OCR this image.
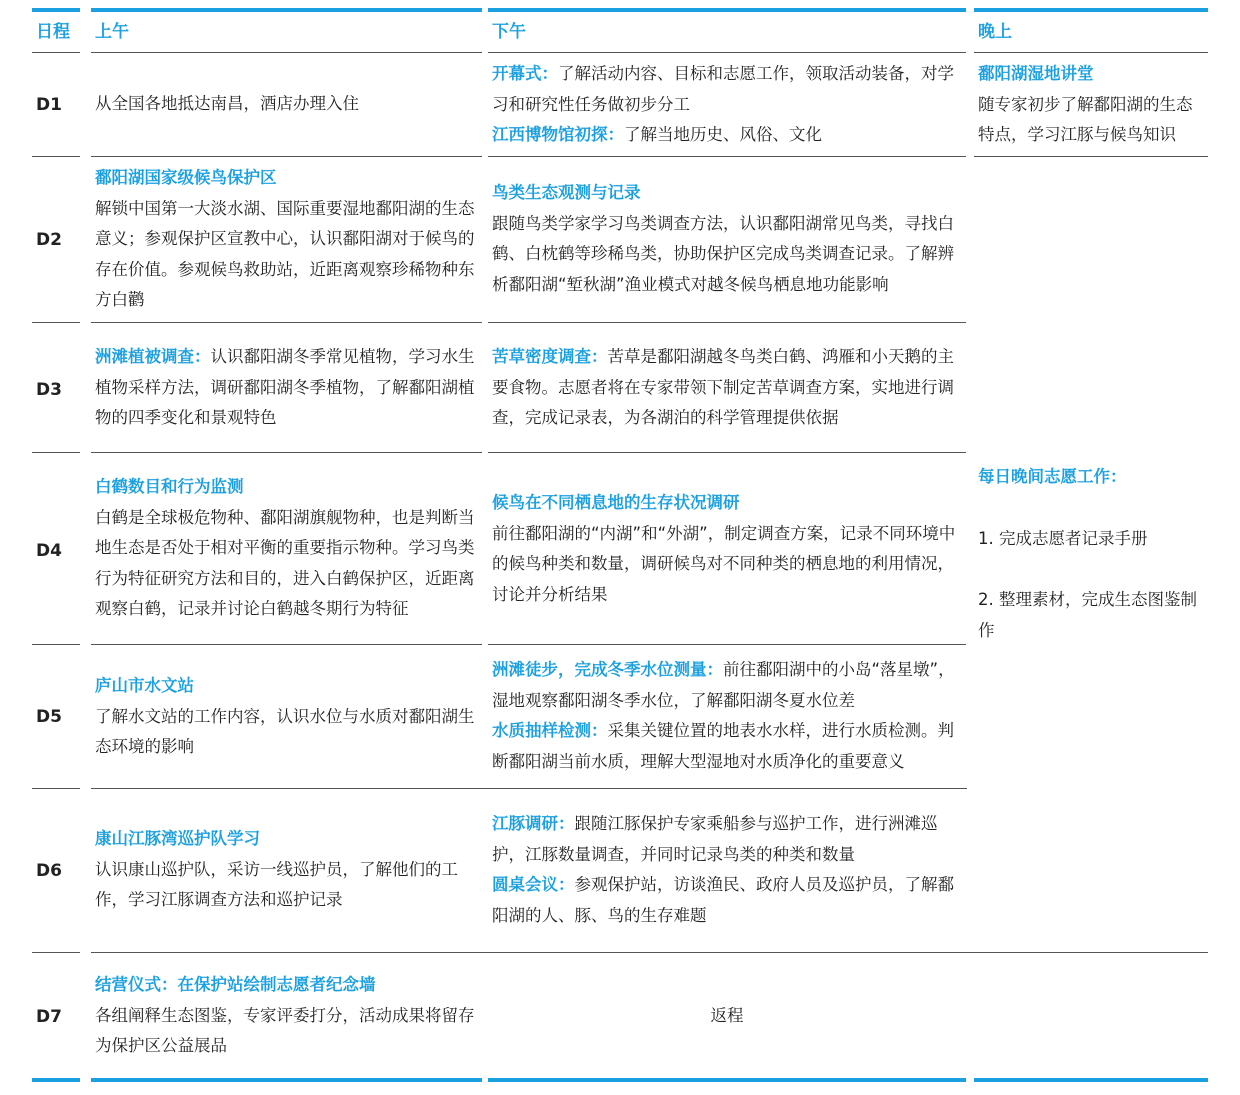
日程 上午	下午	晚上
D1 从全国各地抵达南昌，酒店办理入住
开幕式：了解活动内容、目标和志愿工作，领取活动装备，对学习和研究性任务做初步分工
江西博物馆初探：了解当地历史、风俗、文化
鄱阳湖湿地讲堂
随专家初步了解鄱阳湖的生态特点，学习江豚与候鸟知识
D2
鄱阳湖国家级候鸟保护区
解锁中国第一大淡水湖、国际重要湿地鄱阳湖的生态意义；参观保护区宣教中心，认识鄱阳湖对于候鸟的存在价值。参观候鸟救助站，近距离观察珍稀物种东方白鹳
鸟类生态观测与记录
跟随鸟类学家学习鸟类调查方法，认识鄱阳湖常见鸟类，寻找白鹤、白枕鹤等珍稀鸟类，协助保护区完成鸟类调查记录。了解辨析鄱阳湖“堑秋湖”渔业模式对越冬候鸟栖息地功能影响
D3
洲滩植被调查：认识鄱阳湖冬季常见植物，学习水生植物采样方法，调研鄱阳湖冬季植物，了解鄱阳湖植物的四季变化和景观特色
苦草密度调查：苦草是鄱阳湖越冬鸟类白鹤、鸿雁和小天鹅的主要食物。志愿者将在专家带领下制定苦草调查方案，实地进行调查，完成记录表，为各湖泊的科学管理提供依据
D4
白鹤数目和行为监测
白鹤是全球极危物种、鄱阳湖旗舰物种，也是判断当地生态是否处于相对平衡的重要指示物种。学习鸟类行为特征研究方法和目的，进入白鹤保护区，近距离观察白鹤，记录并讨论白鹤越冬期行为特征
候鸟在不同栖息地的生存状况调研
前往鄱阳湖的“内湖”和“外湖”，制定调查方案，记录不同环境中的候鸟种类和数量，调研候鸟对不同种类的栖息地的利用情况，讨论并分析结果
每日晚间志愿工作：
1. 完成志愿者记录手册
2. 整理素材，完成生态图鉴制作
D5
庐山市水文站
了解水文站的工作内容，认识水位与水质对鄱阳湖生态环境的影响
洲滩徒步，完成冬季水位测量：前往鄱阳湖中的小岛“落星墩”，湿地观察鄱阳湖冬季水位，了解鄱阳湖冬夏水位差
水质抽样检测：采集关键位置的地表水水样，进行水质检测。判断鄱阳湖当前水质，理解大型湿地对水质净化的重要意义
D6
康山江豚湾巡护队学习
认识康山巡护队，采访一线巡护员，了解他们的工作，学习江豚调查方法和巡护记录
江豚调研：跟随江豚保护专家乘船参与巡护工作，进行洲滩巡护，江豚数量调查，并同时记录鸟类的种类和数量
圆桌会议：参观保护站，访谈渔民、政府人员及巡护员，了解鄱阳湖的人、豚、鸟的生存难题
D7
结营仪式：在保护站绘制志愿者纪念墙
各组阐释生态图鉴，专家评委打分，活动成果将留存为保护区公益展品
返程
